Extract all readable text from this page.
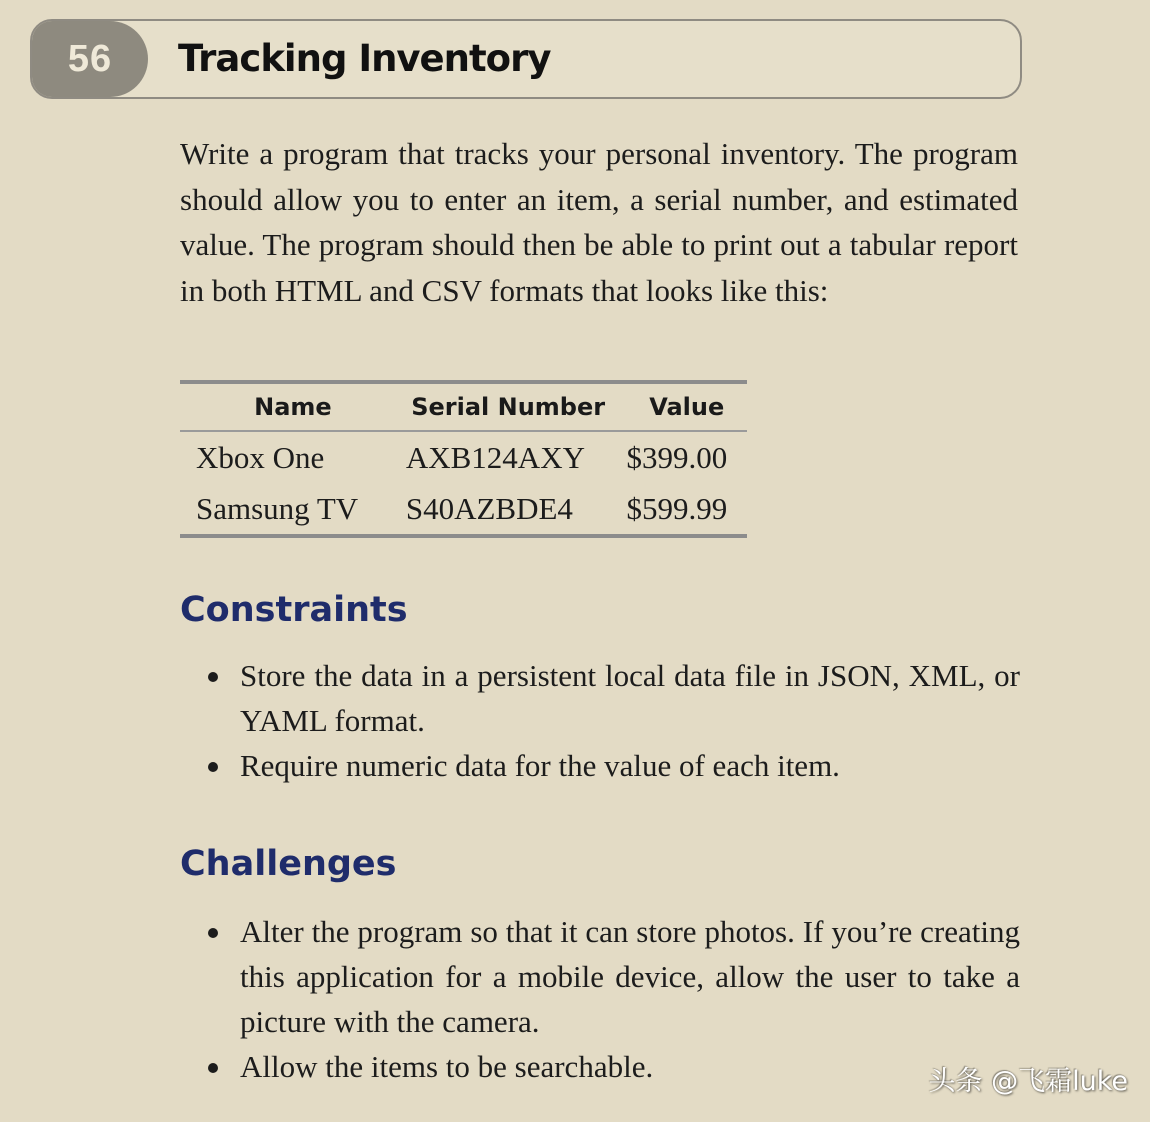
56	Tracking Inventory

Write a program that tracks your personal inventory. The program should allow you to enter an item, a serial number, and estimated value. The program should then be able to print out a tabular report in both HTML and CSV formats that looks like this:

Name	Serial Number	Value
Xbox One	AXB124AXY	$399.00
Samsung TV	S40AZBDE4	$599.99
Constraints
Store the data in a persistent local data file in JSON, XML, or YAML format.
Require numeric data for the value of each item.
Challenges
Alter the program so that it can store photos. If you’re creating this application for a mobile device, allow the user to take a picture with the camera.
Allow the items to be searchable.	头条 @飞霜luke
